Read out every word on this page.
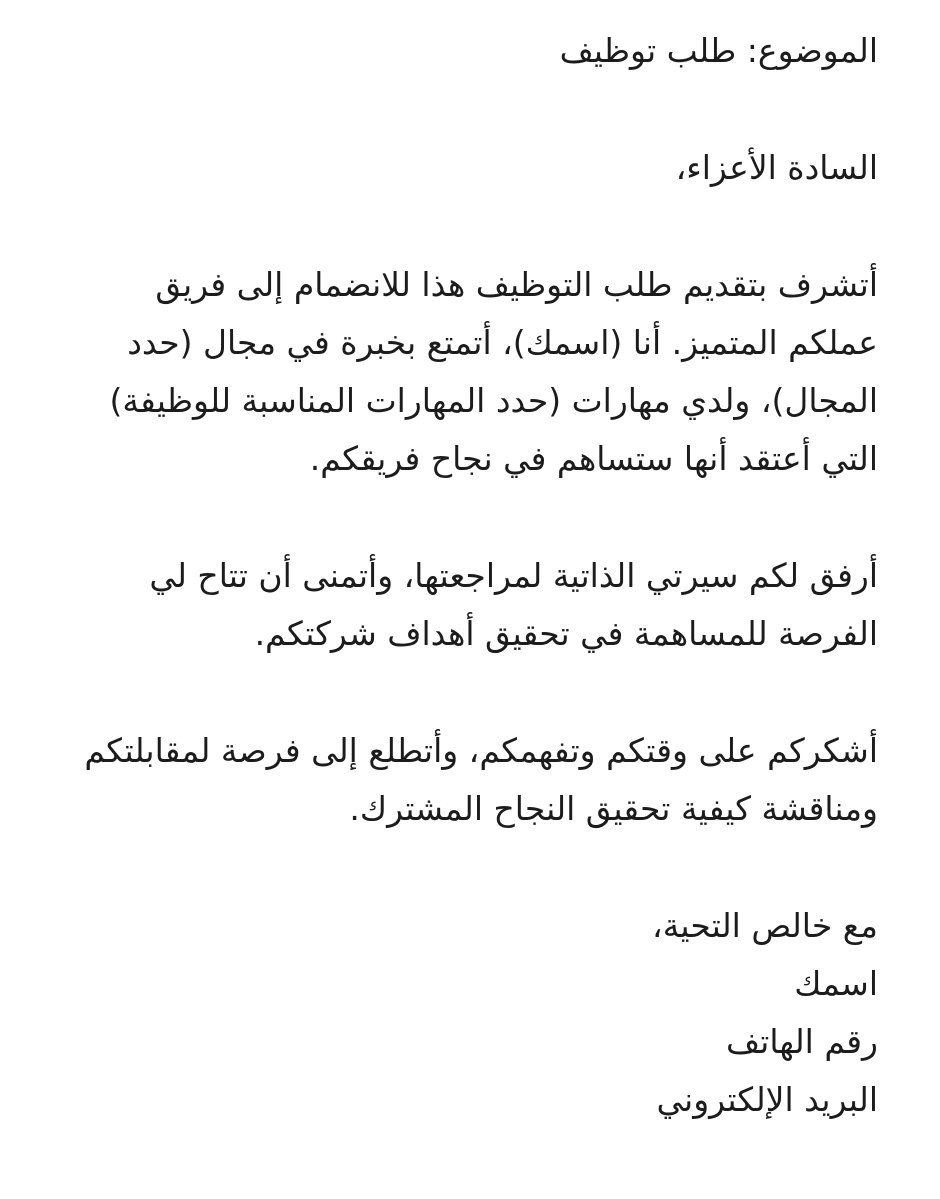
الموضوع: طلب توظيف
السادة الأعزاء،
أتشرف بتقديم طلب التوظيف هذا للانضمام إلى فريق
عملكم المتميز. أنا (اسمك)، أتمتع بخبرة في مجال (حدد
المجال)، ولدي مهارات (حدد المهارات المناسبة للوظيفة)
التي أعتقد أنها ستساهم في نجاح فريقكم.
أرفق لكم سيرتي الذاتية لمراجعتها، وأتمنى أن تتاح لي
الفرصة للمساهمة في تحقيق أهداف شركتكم.
أشكركم على وقتكم وتفهمكم، وأتطلع إلى فرصة لمقابلتكم
ومناقشة كيفية تحقيق النجاح المشترك.
مع خالص التحية،
اسمك
رقم الهاتف
البريد الإلكتروني
